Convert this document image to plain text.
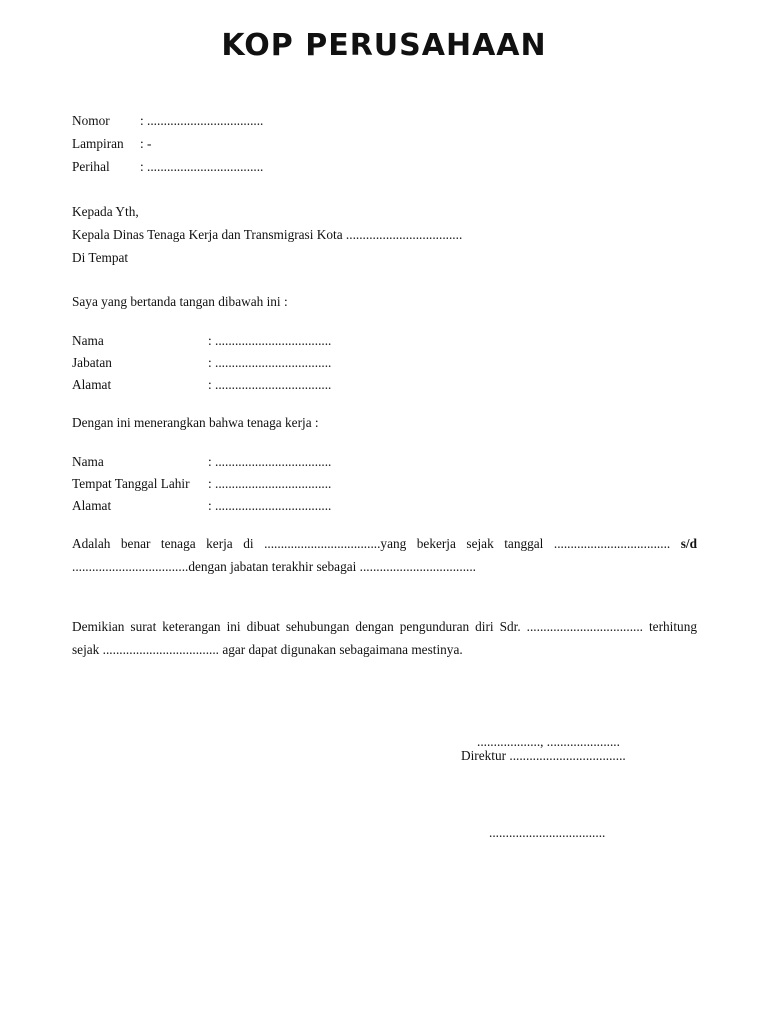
KOP PERUSAHAAN
Nomor : ...................................
Lampiran : -
Perihal : ...................................
Kepada Yth,
Kepala Dinas Tenaga Kerja dan Transmigrasi Kota ...................................
Di Tempat
Saya yang bertanda tangan dibawah ini :
Nama	: ...................................
Jabatan	: ...................................
Alamat	: ...................................
Dengan ini menerangkan bahwa tenaga kerja :
Nama	: ...................................
Tempat Tanggal Lahir : ...................................
Alamat	: ...................................
Adalah benar tenaga kerja di ...................................yang bekerja sejak tanggal ................................... s/d ...................................dengan jabatan terakhir sebagai ...................................
Demikian surat keterangan ini dibuat sehubungan dengan pengunduran diri Sdr. ................................... terhitung sejak ................................... agar dapat digunakan sebagaimana mestinya.
..................., ......................
Direktur ...................................
...................................
